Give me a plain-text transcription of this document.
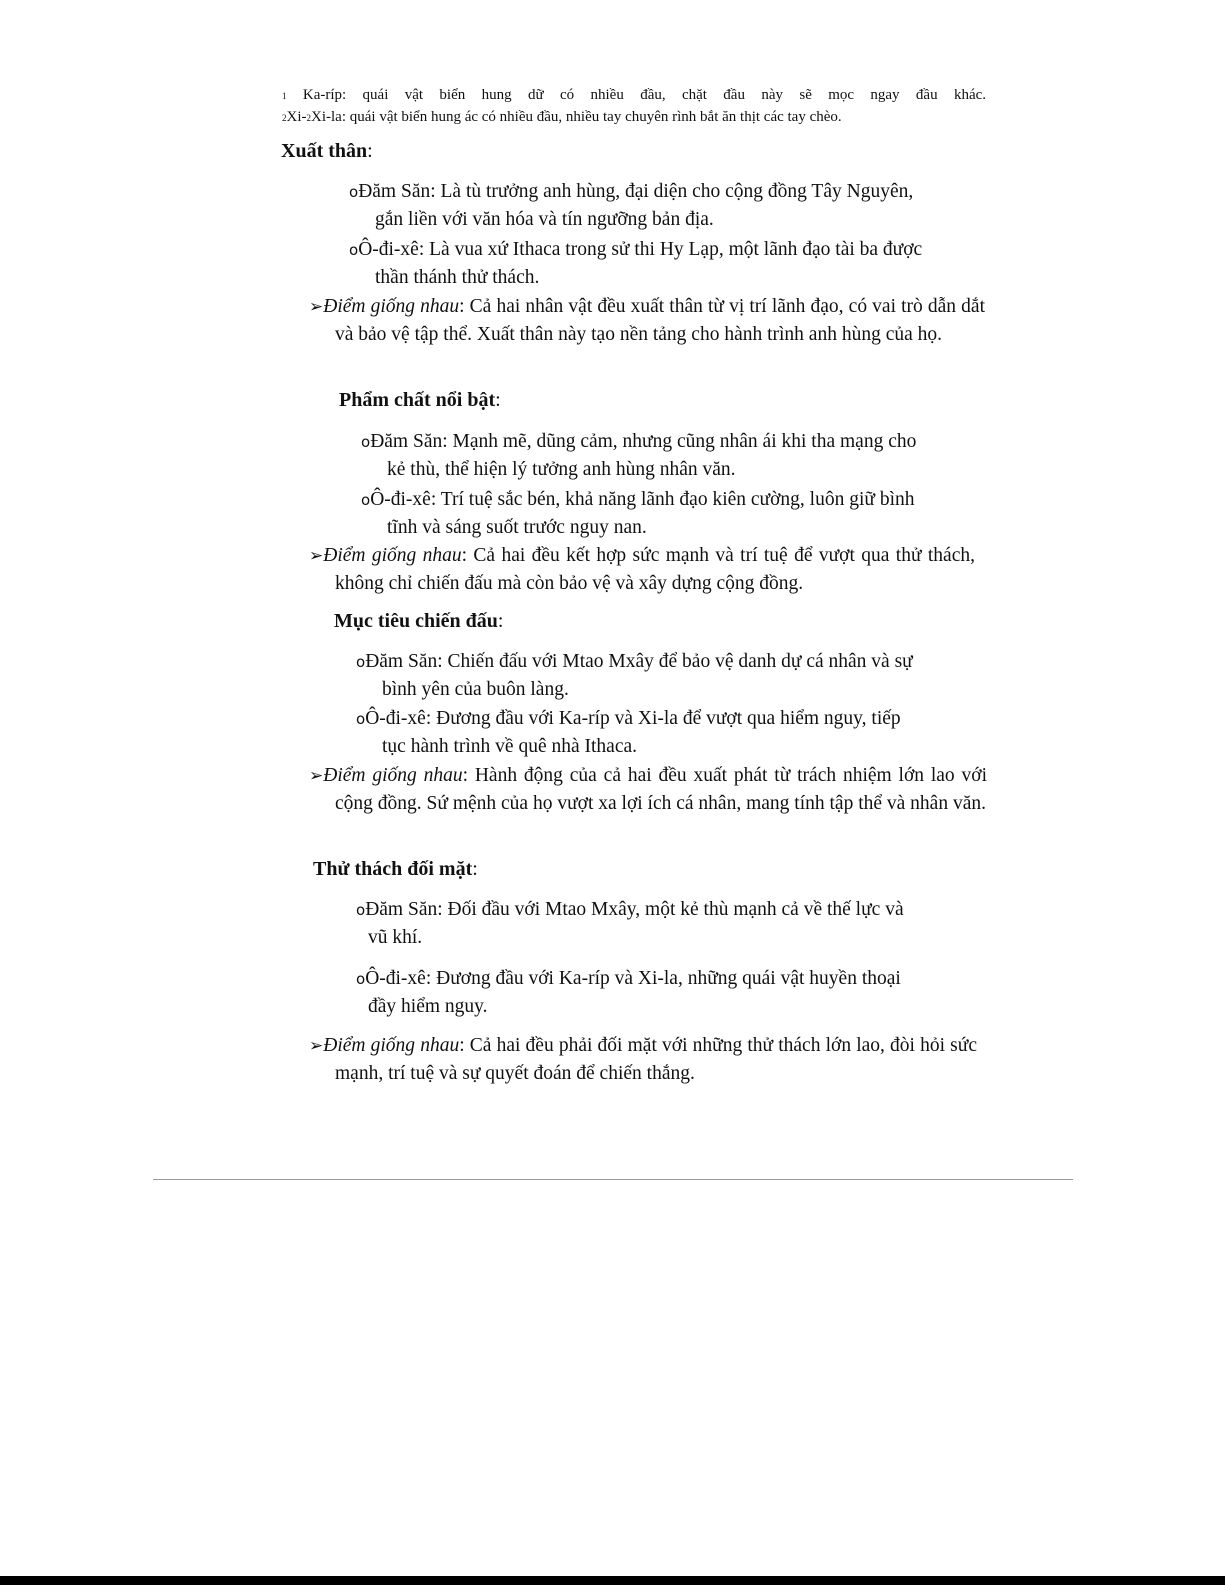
1 Ka-ríp: quái vật biển hung dữ có nhiều đầu, chặt đầu này sẽ mọc ngay đầu khác.
2Xi-2Xi-la: quái vật biển hung ác có nhiều đầu, nhiều tay chuyên rình bắt ăn thịt các tay chèo.
Xuất thân:
oĐăm Săn: Là tù trưởng anh hùng, đại diện cho cộng đồng Tây Nguyên,
gắn liền với văn hóa và tín ngưỡng bản địa.
oÔ-đi-xê: Là vua xứ Ithaca trong sử thi Hy Lạp, một lãnh đạo tài ba được
thần thánh thử thách.
➢Điểm giống nhau: Cả hai nhân vật đều xuất thân từ vị trí lãnh đạo, có vai trò dẫn dắt và bảo vệ tập thể. Xuất thân này tạo nền tảng cho hành trình anh hùng của họ.
Phẩm chất nổi bật:
oĐăm Săn: Mạnh mẽ, dũng cảm, nhưng cũng nhân ái khi tha mạng cho
kẻ thù, thể hiện lý tưởng anh hùng nhân văn.
oÔ-đi-xê: Trí tuệ sắc bén, khả năng lãnh đạo kiên cường, luôn giữ bình
tĩnh và sáng suốt trước nguy nan.
➢Điểm giống nhau: Cả hai đều kết hợp sức mạnh và trí tuệ để vượt qua thử thách, không chỉ chiến đấu mà còn bảo vệ và xây dựng cộng đồng.
Mục tiêu chiến đấu:
oĐăm Săn: Chiến đấu với Mtao Mxây để bảo vệ danh dự cá nhân và sự
bình yên của buôn làng.
oÔ-đi-xê: Đương đầu với Ka-ríp và Xi-la để vượt qua hiểm nguy, tiếp
tục hành trình về quê nhà Ithaca.
➢Điểm giống nhau: Hành động của cả hai đều xuất phát từ trách nhiệm lớn lao với cộng đồng. Sứ mệnh của họ vượt xa lợi ích cá nhân, mang tính tập thể và nhân văn.
Thử thách đối mặt:
oĐăm Săn: Đối đầu với Mtao Mxây, một kẻ thù mạnh cả về thế lực và
vũ khí.
oÔ-đi-xê: Đương đầu với Ka-ríp và Xi-la, những quái vật huyền thoại
đầy hiểm nguy.
➢Điểm giống nhau: Cả hai đều phải đối mặt với những thử thách lớn lao, đòi hỏi sức mạnh, trí tuệ và sự quyết đoán để chiến thắng.
